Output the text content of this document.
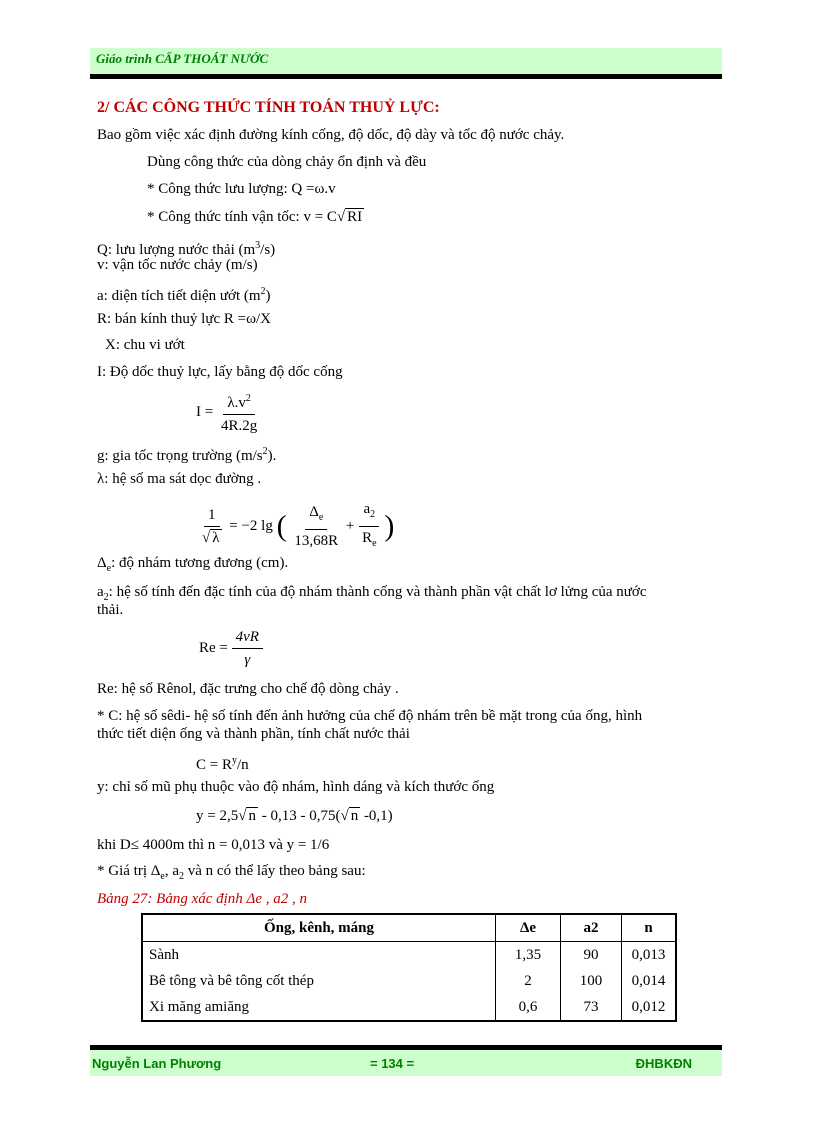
Giáo trình CẤP THOÁT NƯỚC
2/ CÁC CÔNG THỨC TÍNH TOÁN THUỶ LỰC:
Bao gồm việc xác định đường kính cống, độ dốc, độ dày và tốc độ nước chảy.
Dùng công thức của dòng chảy ổn định và đều
* Công thức lưu lượng: Q =ω.v
* Công thức tính vận tốc: v = C√ RI
Q: lưu lượng nước thải $(m^3/s)$
v: vận tốc nước chảy (m/s)
a: diện tích tiết diện ướt $(m^2)$
R: bán kính thuỷ lực R =ω/X
X: chu vi ướt
I: Độ dốc thuỷ lực, lấy bằng độ dốc cống
$I = \frac{\lambda.v^2}{4R.2g}$
g: gia tốc trọng trường $(m/s^2)$.
λ: hệ số ma sát dọc đường .
$\frac{1}{√ \lambda} = -2$ lg ( $\frac{\Delta_e}{13,68R} + \frac{a_2}{R_e}$ )
$\Delta_e$: độ nhám tương đương (cm).
$a_2$: hệ số tính đến đặc tính của độ nhám thành cống và thành phần vật chất lơ lửng của nước
thải.
$Re = \frac{4vR}{\gamma}$
Re: hệ số Rênol, đặc trưng cho chế độ dòng chảy .
* C: hệ số sêdi- hệ số tính đến ảnh hưởng của chế độ nhám trên bề mặt trong của ống, hình
thức tiết diện ống và thành phần, tính chất nước thải
$C = R^y/n$
y: chỉ số mũ phụ thuộc vào độ nhám, hình dáng và kích thước ống
y = 2,5√ n - 0,13 - 0,75(√ n -0,1)
khi D≤ 4000m thì n = 0,013 và y = 1/6
* Giá trị $\Delta_e$, $a_2$ và n có thể lấy theo bảng sau:
Bảng 27: Bảng xác định Δe , a2 , n
Ống, kênh, máng	Δe	a2	n
Sành	1,35	90	0,013
Bê tông và bê tông cốt thép	2	100	0,014
Xi măng amiăng	0,6	73	0,012
Nguyễn Lan Phương	= 134 =	ĐHBKĐN
